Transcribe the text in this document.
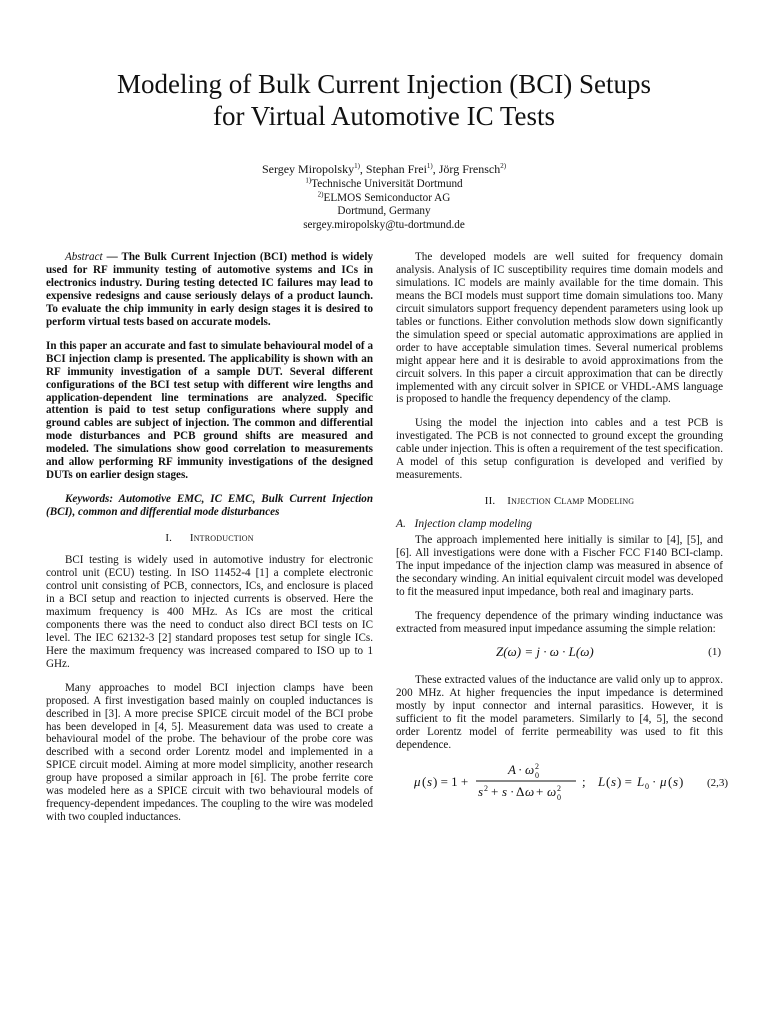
Modeling of Bulk Current Injection (BCI) Setups
for Virtual Automotive IC Tests
Sergey Miropolsky$^{1)}$, Stephan Frei$^{1)}$, Jörg Frensch$^{2)}$
$^{1)}$Technische Universität Dortmund
$^{2)}$ELMOS Semiconductor AG
Dortmund, Germany
sergey.miropolsky@tu-dortmund.de

Abstract — The Bulk Current Injection (BCI) method is widely used for RF immunity testing of automotive systems and ICs in electronics industry. During testing detected IC failures may lead to expensive redesigns and cause seriously delays of a product launch. To evaluate the chip immunity in early design stages it is desired to perform virtual tests based on accurate models.

In this paper an accurate and fast to simulate behavioural model of a BCI injection clamp is presented. The applicability is shown with an RF immunity investigation of a sample DUT. Several different configurations of the BCI test setup with different wire lengths and application-dependent line terminations are analyzed. Specific attention is paid to test setup configurations where supply and ground cables are subject of injection. The common and differential mode disturbances and PCB ground shifts are measured and modeled. The simulations show good correlation to measurements and allow performing RF immunity investigations of the designed DUTs on earlier design stages.

Keywords: Automotive EMC, IC EMC, Bulk Current Injection (BCI), common and differential mode disturbances

I. Introduction

BCI testing is widely used in automotive industry for electronic control unit (ECU) testing. In ISO 11452-4 [1] a complete electronic control unit consisting of PCB, connectors, ICs, and enclosure is placed in a BCI setup and reaction to injected currents is observed. Here the maximum frequency is 400 MHz. As ICs are most the critical components there was the need to conduct also direct BCI tests on IC level. The IEC 62132-3 [2] standard proposes test setup for single ICs. Here the maximum frequency was increased compared to ISO up to 1 GHz.

Many approaches to model BCI injection clamps have been proposed. A first investigation based mainly on coupled inductances is described in [3]. A more precise SPICE circuit model of the BCI probe has been developed in [4, 5]. Measurement data was used to create a behavioural model of the probe. The behaviour of the probe core was described with a second order Lorentz model and implemented in a SPICE circuit model. Aiming at more model simplicity, another research group have proposed a similar approach in [6]. The probe ferrite core was modeled here as a SPICE circuit with two behavioural models of frequency-dependent impedances. The coupling to the wire was modeled with two coupled inductances.

The developed models are well suited for frequency domain analysis. Analysis of IC susceptibility requires time domain models and simulations. IC models are mainly available for the time domain. This means the BCI models must support time domain simulations too. Many circuit simulators support frequency dependent parameters using look up tables or functions. Either convolution methods slow down significantly the simulation speed or special automatic approximations are applied in order to have acceptable simulation times. Several numerical problems might appear here and it is desirable to avoid approximations from the circuit solvers. In this paper a circuit approximation that can be directly implemented with any circuit solver in SPICE or VHDL-AMS language is proposed to handle the frequency dependency of the clamp.

Using the model the injection into cables and a test PCB is investigated. The PCB is not connected to ground except the grounding cable under injection. This is often a requirement of the test specification. A model of this setup configuration is developed and verified by measurements.

II. Injection Clamp Modeling
A. Injection clamp modeling

The approach implemented here initially is similar to [4], [5], and [6]. All investigations were done with a Fischer FCC F140 BCI-clamp. The input impedance of the injection clamp was measured in absence of the secondary winding. An initial equivalent circuit model was developed to fit the measured input impedance, both real and imaginary parts.

The frequency dependence of the primary winding inductance was extracted from measured input impedance assuming the simple relation:

Z(ω) = j · ω · L(ω)	(1)

These extracted values of the inductance are valid only up to approx. 200 MHz. At higher frequencies the input impedance is determined mostly by input connector and internal parasitics. However, it is sufficient to fit the model parameters. Similarly to [4, 5], the second order Lorentz model of ferrite permeability was used to fit this dependence.

μ ( s ) = 1 +
A · ω 2
0
s 2 + s · Δ ω + ω 2
0
; L ( s ) = L 0 · μ ( s ) (2,3)
